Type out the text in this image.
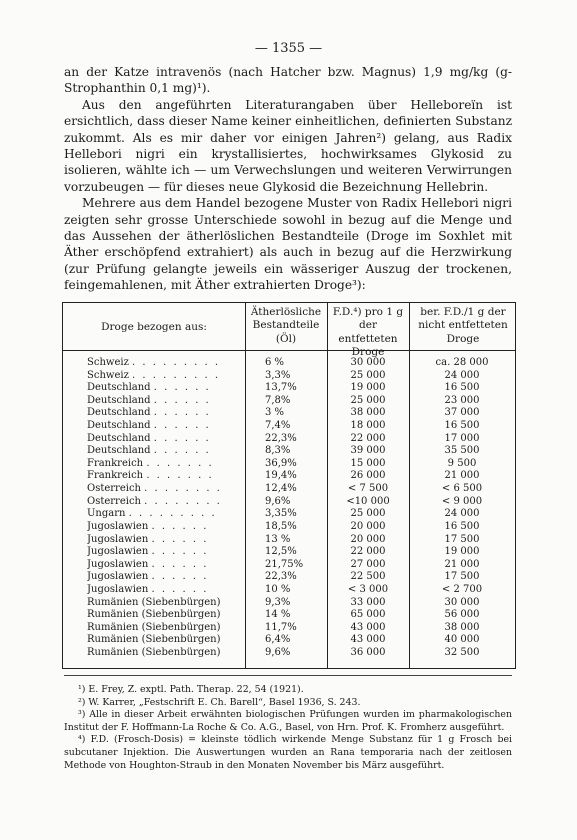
— 1355 —

an der Katze intravenös (nach Hatcher bzw. Magnus) 1,9 mg/kg (g-Strophanthin 0,1 mg)¹).

Aus den angeführten Literaturangaben über Helleboreïn ist ersichtlich, dass dieser Name keiner einheitlichen, definierten Substanz zukommt. Als es mir daher vor einigen Jahren²) gelang, aus Radix Hellebori nigri ein krystallisiertes, hochwirksames Glykosid zu isolieren, wählte ich — um Verwechslungen und weiteren Verwirrungen vorzubeugen — für dieses neue Glykosid die Bezeichnung Hellebrin.

Mehrere aus dem Handel bezogene Muster von Radix Hellebori nigri zeigten sehr grosse Unterschiede sowohl in bezug auf die Menge und das Aussehen der ätherlöslichen Bestandteile (Droge im Soxhlet mit Äther erschöpfend extrahiert) als auch in bezug auf die Herzwirkung (zur Prüfung gelangte jeweils ein wässeriger Auszug der trockenen, feingemahlenen, mit Äther extrahierten Droge³):

Droge bezogen aus:
Ätherlösliche Bestandteile (Öl)
F.D.⁴) pro 1 g der entfetteten Droge
ber. F.D./1 g der nicht entfetteten Droge
Schweiz . . . . . . . . .	6 %	30 000	ca. 28 000
Schweiz . . . . . . . . .	3,3%	25 000	24 000
Deutschland . . . . . .	13,7%	19 000	16 500
Deutschland . . . . . .	7,8%	25 000	23 000
Deutschland . . . . . .	3 %	38 000	37 000
Deutschland . . . . . .	7,4%	18 000	16 500
Deutschland . . . . . .	22,3%	22 000	17 000
Deutschland . . . . . .	8,3%	39 000	35 500
Frankreich . . . . . . .	36,9%	15 000	9 500
Frankreich . . . . . . .	19,4%	26 000	21 000
Österreich . . . . . . . .	12,4%	< 7 500	< 6 500
Österreich . . . . . . . .	9,6%	<10 000	< 9 000
Ungarn . . . . . . . . .	3,35%	25 000	24 000
Jugoslawien . . . . . .	18,5%	20 000	16 500
Jugoslawien . . . . . .	13 %	20 000	17 500
Jugoslawien . . . . . .	12,5%	22 000	19 000
Jugoslawien . . . . . .	21,75%	27 000	21 000
Jugoslawien . . . . . .	22,3%	22 500	17 500
Jugoslawien . . . . . .	10 %	< 3 000	< 2 700
Rumänien (Siebenbürgen)	9,3%	33 000	30 000
Rumänien (Siebenbürgen)	14 %	65 000	56 000
Rumänien (Siebenbürgen)	11,7%	43 000	38 000
Rumänien (Siebenbürgen)	6,4%	43 000	40 000
Rumänien (Siebenbürgen)	9,6%	36 000	32 500

¹) E. Frey, Z. exptl. Path. Therap. 22, 54 (1921).

²) W. Karrer, „Festschrift E. Ch. Barell“, Basel 1936, S. 243.

³) Alle in dieser Arbeit erwähnten biologischen Prüfungen wurden im pharmakologischen Institut der F. Hoffmann-La Roche & Co. A.G., Basel, von Hrn. Prof. K. Fromherz ausgeführt.

⁴) F.D. (Frosch-Dosis) = kleinste tödlich wirkende Menge Substanz für 1 g Frosch bei subcutaner Injektion. Die Auswertungen wurden an Rana temporaria nach der zeitlosen Methode von Houghton-Straub in den Monaten November bis März ausgeführt.
